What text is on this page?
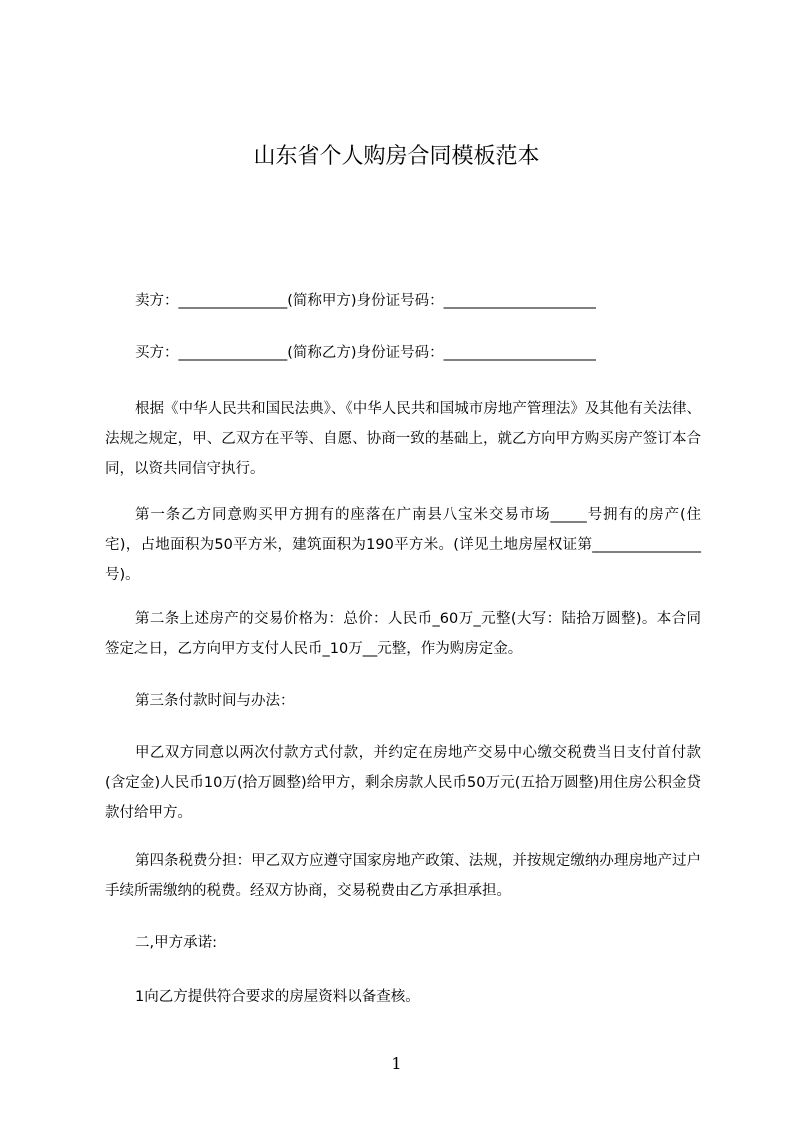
山东省个人购房合同模板范本
卖方：_______________(简称甲方)身份证号码：_____________________
买方：_______________(简称乙方)身份证号码：_____________________
根据《中华人民共和国民法典》、《中华人民共和国城市房地产管理法》及其他有关法律、法规之规定，甲、乙双方在平等、自愿、协商一致的基础上，就乙方向甲方购买房产签订本合同，以资共同信守执行。
第一条乙方同意购买甲方拥有的座落在广南县八宝米交易市场_____号拥有的房产(住宅)，占地面积为50平方米，建筑面积为190平方米。(详见土地房屋权证第_______________号)。
第二条上述房产的交易价格为：总价：人民币_60万_元整(大写：陆拾万圆整)。本合同签定之日，乙方向甲方支付人民币_10万__元整，作为购房定金。
第三条付款时间与办法：
甲乙双方同意以两次付款方式付款，并约定在房地产交易中心缴交税费当日支付首付款(含定金)人民币10万(拾万圆整)给甲方，剩余房款人民币50万元(五拾万圆整)用住房公积金贷款付给甲方。
第四条税费分担：甲乙双方应遵守国家房地产政策、法规，并按规定缴纳办理房地产过户手续所需缴纳的税费。经双方协商，交易税费由乙方承担承担。
二,甲方承诺:
1向乙方提供符合要求的房屋资料以备查核。
1
